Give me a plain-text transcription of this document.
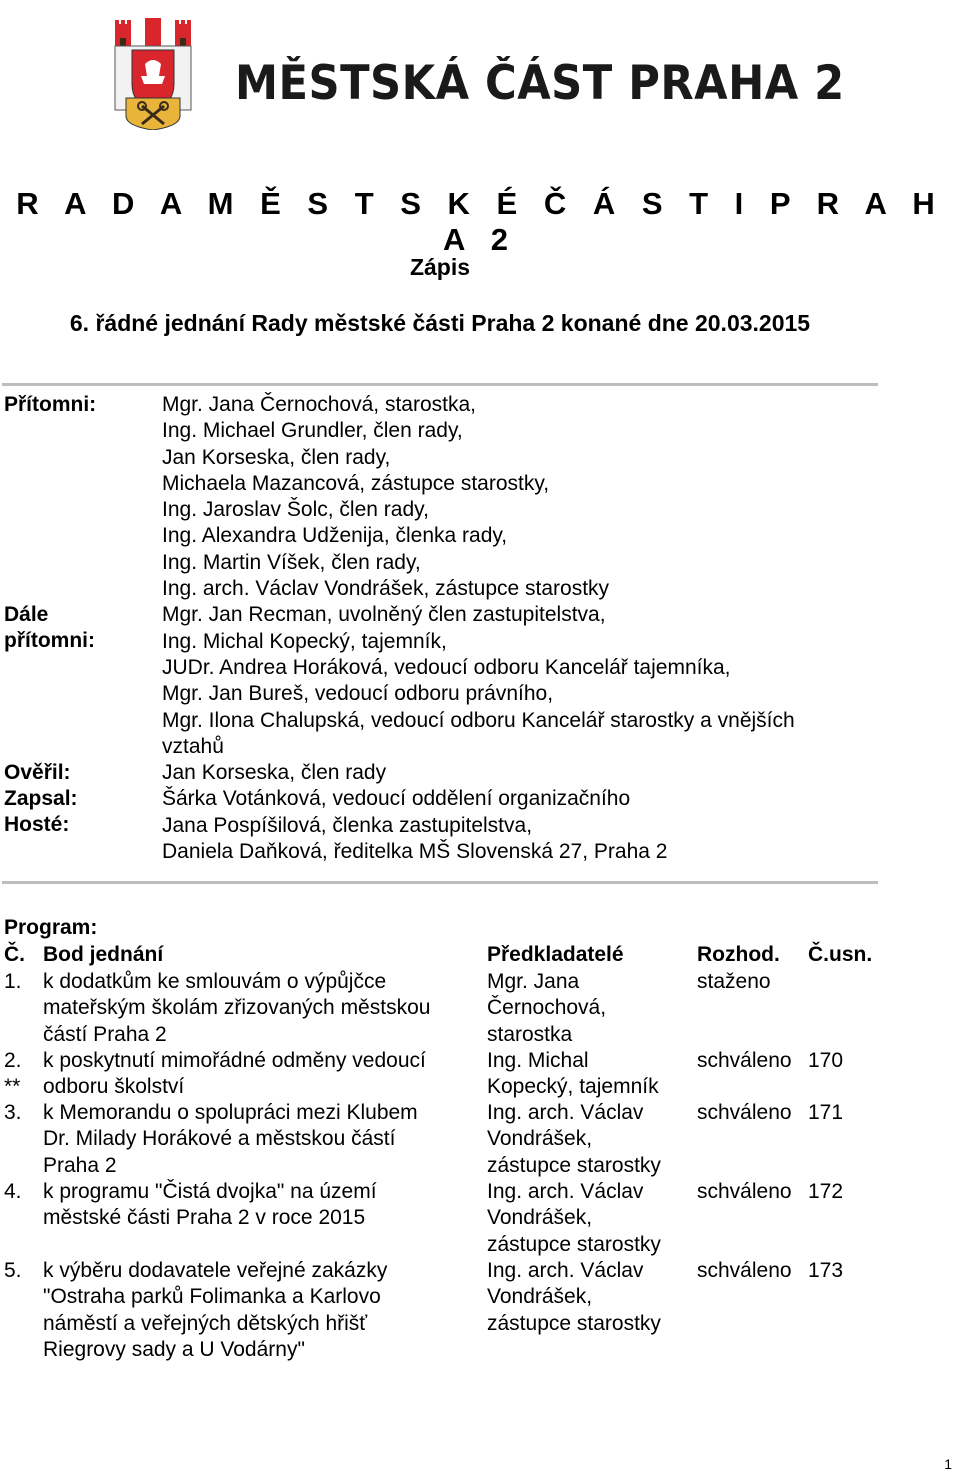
MĚSTSKÁ ČÁST PRAHA 2
R A D A M Ě S T S K É Č Á S T I P R A H A 2
Zápis
6. řádné jednání Rady městské části Praha 2 konané dne 20.03.2015
Přítomni:
Dále
přítomni:
Ověřil:
Zapsal:
Hosté:
Mgr. Jana Černochová, starostka,
Ing. Michael Grundler, člen rady,
Jan Korseska, člen rady,
Michaela Mazancová, zástupce starostky,
Ing. Jaroslav Šolc, člen rady,
Ing. Alexandra Udženija, členka rady,
Ing. Martin Víšek, člen rady,
Ing. arch. Václav Vondrášek, zástupce starostky
Mgr. Jan Recman, uvolněný člen zastupitelstva,
Ing. Michal Kopecký, tajemník,
JUDr. Andrea Horáková, vedoucí odboru Kancelář tajemníka,
Mgr. Jan Bureš, vedoucí odboru právního,
Mgr. Ilona Chalupská, vedoucí odboru Kancelář starostky a vnějších
vztahů
Jan Korseska, člen rady
Šárka Votánková, vedoucí oddělení organizačního
Jana Pospíšilová, členka zastupitelstva,
Daniela Daňková, ředitelka MŠ Slovenská 27, Praha 2
Program:
Č. Bod jednání	Předkladatelé	Rozhod. Č.usn.
1. k dodatkům ke smlouvám o výpůjčce
mateřským školám zřizovaných městskou
částí Praha 2
Mgr. Jana
Černochová,
starostka
staženo
2.
**
k poskytnutí mimořádné odměny vedoucí
odboru školství
Ing. Michal
Kopecký, tajemník
schváleno 170
3. k Memorandu o spolupráci mezi Klubem
Dr. Milady Horákové a městskou částí
Praha 2
Ing. arch. Václav
Vondrášek,
zástupce starostky
schváleno 171
4. k programu "Čistá dvojka" na území
městské části Praha 2 v roce 2015
Ing. arch. Václav
Vondrášek,
zástupce starostky
schváleno 172
5. k výběru dodavatele veřejné zakázky
"Ostraha parků Folimanka a Karlovo
náměstí a veřejných dětských hřišť
Riegrovy sady a U Vodárny"
Ing. arch. Václav
Vondrášek,
zástupce starostky
schváleno 173
1
